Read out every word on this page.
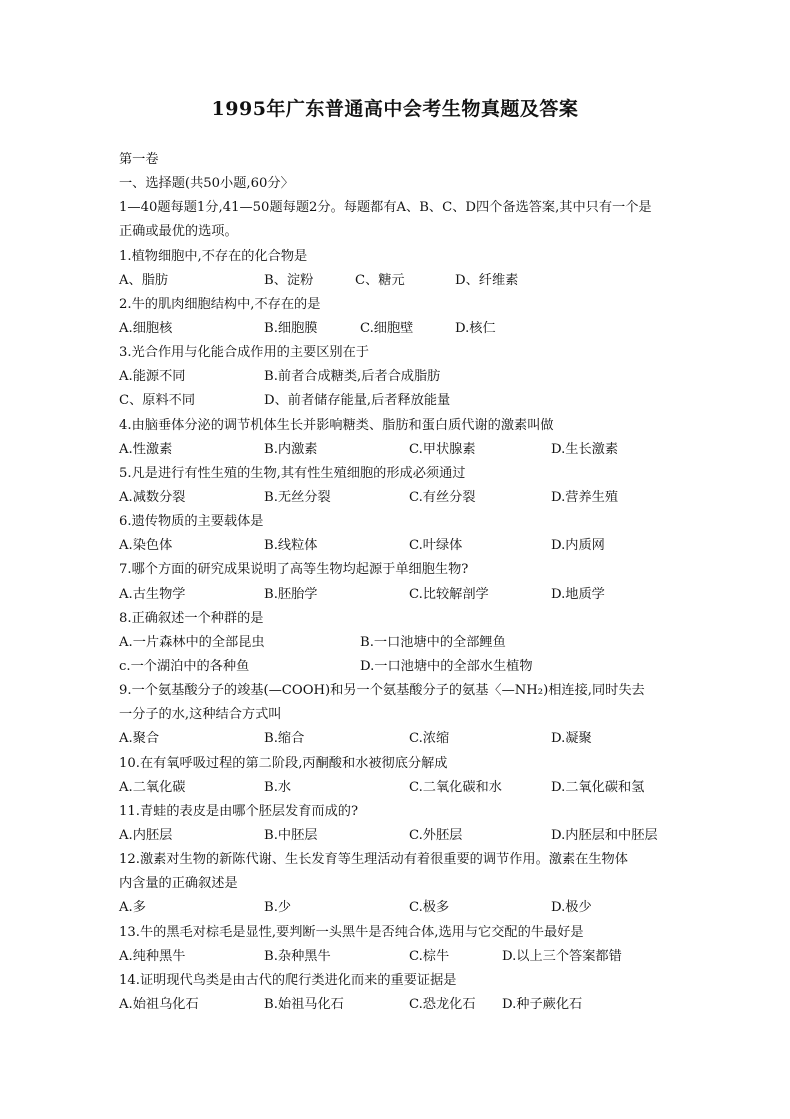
1995年广东普通高中会考生物真题及答案
第一卷
一、选择题(共50小题,60分〉
1—40题每题1分,41—50题每题2分。每题都有A、B、C、D四个备选答案,其中只有一个是
正确或最优的选项。
1.植物细胞中,不存在的化合物是
A、脂肪	B、淀粉	C、糖元	D、纤维素
2.牛的肌肉细胞结构中,不存在的是
A.细胞核	B.细胞膜	C.细胞壁	D.核仁
3.光合作用与化能合成作用的主要区别在于
A.能源不同	B.前者合成糖类,后者合成脂肪
C、原料不同	D、前者储存能量,后者释放能量
4.由脑垂体分泌的调节机体生长并影响糖类、脂肪和蛋白质代谢的激素叫做
A.性激素	B.内激素	C.甲状腺素	D.生长激素
5.凡是进行有性生殖的生物,其有性生殖细胞的形成必须通过
A.减数分裂	B.无丝分裂	C.有丝分裂	D.营养生殖
6.遗传物质的主要载体是
A.染色体	B.线粒体	C.叶绿体	D.内质网
7.哪个方面的研究成果说明了高等生物均起源于单细胞生物?
A.古生物学	B.胚胎学	C.比较解剖学	D.地质学
8.正确叙述一个种群的是
A.一片森林中的全部昆虫	B.一口池塘中的全部鲤鱼
c.一个湖泊中的各种鱼	D.一口池塘中的全部水生植物
9.一个氨基酸分子的竣基(—COOH)和另一个氨基酸分子的氨基〈—NH₂)相连接,同时失去
一分子的水,这种结合方式叫
A.聚合	B.缩合	C.浓缩	D.凝聚
10.在有氧呼吸过程的第二阶段,丙酮酸和水被彻底分解成
A.二氧化碳	B.水	C.二氧化碳和水	D.二氧化碳和氢
11.青蛙的表皮是由哪个胚层发育而成的?
A.内胚层	B.中胚层	C.外胚层	D.内胚层和中胚层
12.激素对生物的新陈代谢、生长发育等生理活动有着很重要的调节作用。激素在生物体
内含量的正确叙述是
A.多	B.少	C.极多	D.极少
13.牛的黑毛对棕毛是显性,要判断一头黑牛是否纯合体,选用与它交配的牛最好是
A.纯种黑牛	B.杂种黑牛	C.棕牛	D.以上三个答案都错
14.证明现代鸟类是由古代的爬行类进化而来的重要证据是
A.始祖乌化石	B.始祖马化石	C.恐龙化石 D.种子蕨化石
